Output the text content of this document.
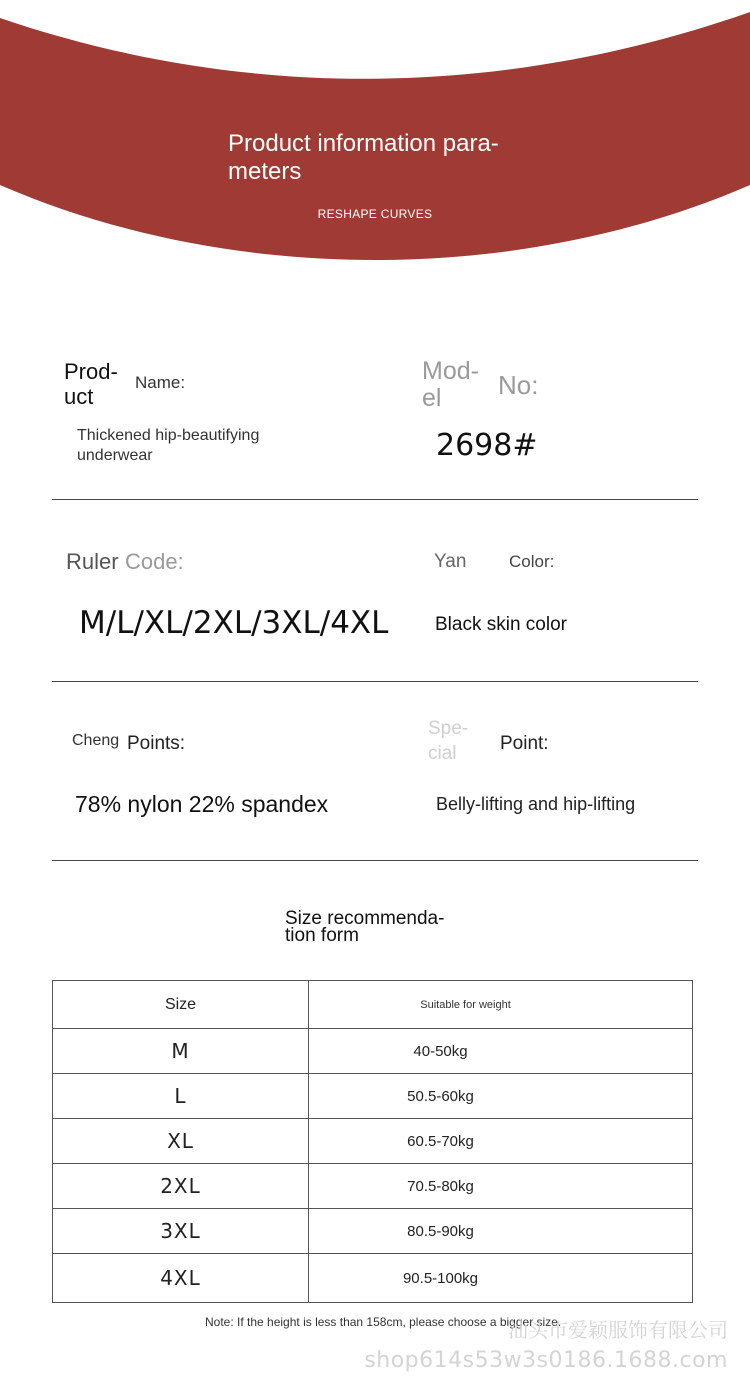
Product information para-
meters
RESHAPE CURVES
Prod-
uct
Name:
Thickened hip-beautifying
underwear
Mod-
el	No:
2698#
Ruler Code:
M/L/XL/2XL/3XL/4XL
Yan	Color:
Black skin color
Cheng Points:
78% nylon 22% spandex
Spe-
cial	Point:
Belly-lifting and hip-lifting
Size recommenda-
tion form
Size	Suitable for weight
M	40-50kg
L	50.5-60kg
XL	60.5-70kg
2XL	70.5-80kg
3XL	80.5-90kg
4XL	90.5-100kg
Note: If the height is less than 158cm, please choose a bigger size.
汕头市爱颖服饰有限公司
shop614s53w3s0186.1688.com
